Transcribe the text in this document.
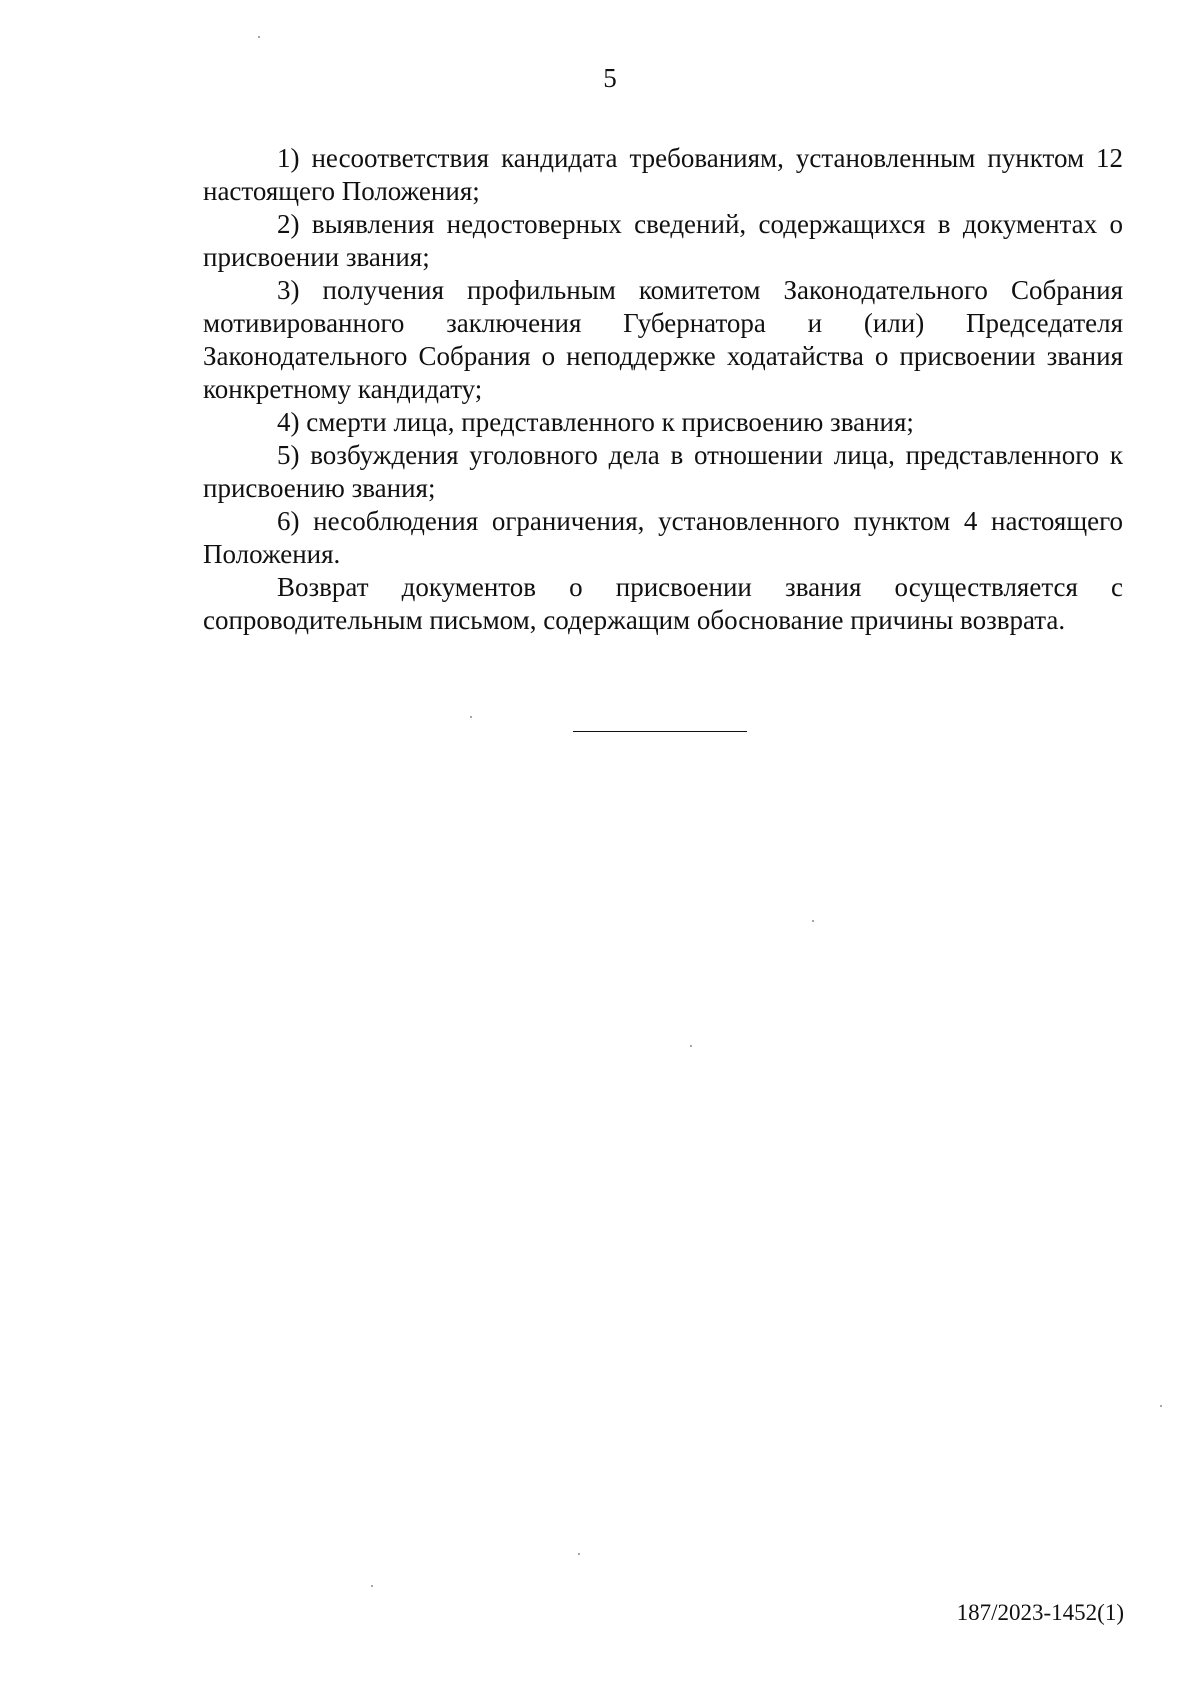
5

1) несоответствия кандидата требованиям, установленным пунктом 12 настоящего Положения;

2) выявления недостоверных сведений, содержащихся в документах о присвоении звания;

3) получения профильным комитетом Законодательного Собрания мотивированного заключения Губернатора и (или) Председателя Законодательного Собрания о неподдержке ходатайства о присвоении звания конкретному кандидату;

4) смерти лица, представленного к присвоению звания;

5) возбуждения уголовного дела в отношении лица, представленного к присвоению звания;

6) несоблюдения ограничения, установленного пунктом 4 настоящего Положения.

Возврат документов о присвоении звания осуществляется с сопроводительным письмом, содержащим обоснование причины возврата.

187/2023-1452(1)
